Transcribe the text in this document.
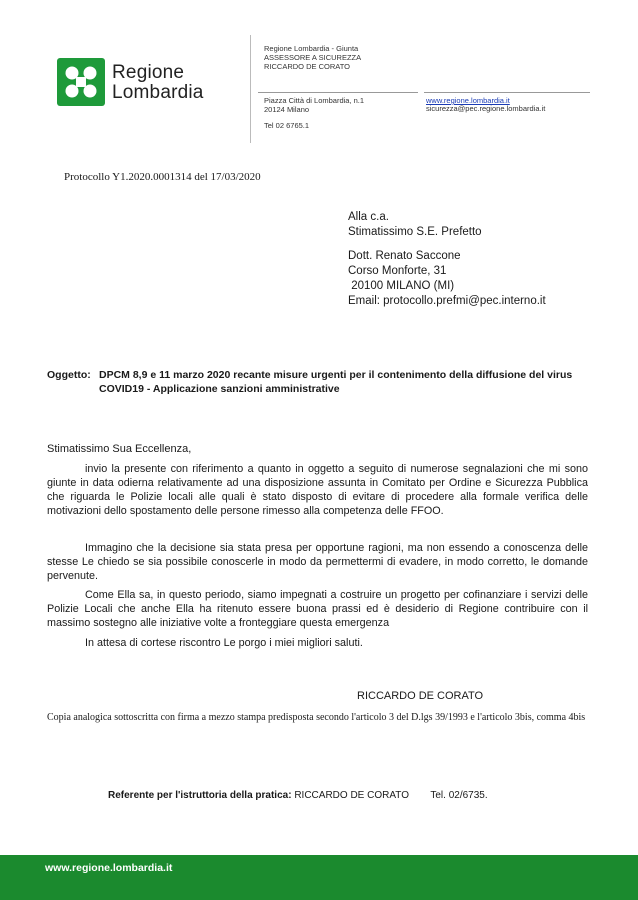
Regione
Lombardia
Regione Lombardia - Giunta
ASSESSORE A SICUREZZA
RICCARDO DE CORATO
Piazza Città di Lombardia, n.1
20124 Milano
Tel 02 6765.1
www.regione.lombardia.it
sicurezza@pec.regione.lombardia.it
Protocollo Y1.2020.0001314 del 17/03/2020
Alla c.a.
Stimatissimo S.E. Prefetto
Dott. Renato Saccone
Corso Monforte, 31
20100 MILANO (MI)
Email: protocollo.prefmi@pec.interno.it
Oggetto: DPCM 8,9 e 11 marzo 2020 recante misure urgenti per il contenimento della diffusione del virus COVID19 - Applicazione sanzioni amministrative
Stimatissimo Sua Eccellenza,
invio la presente con riferimento a quanto in oggetto a seguito di numerose segnalazioni che mi sono giunte in data odierna relativamente ad una disposizione assunta in Comitato per Ordine e Sicurezza Pubblica che riguarda le Polizie locali alle quali è stato disposto di evitare di procedere alla formale verifica delle motivazioni dello spostamento delle persone rimesso alla competenza delle FFOO.
Immagino che la decisione sia stata presa per opportune ragioni, ma non essendo a conoscenza delle stesse Le chiedo se sia possibile conoscerle in modo da permettermi di evadere, in modo corretto, le domande pervenute.
Come Ella sa, in questo periodo, siamo impegnati a costruire un progetto per cofinanziare i servizi delle Polizie Locali che anche Ella ha ritenuto essere buona prassi ed è desiderio di Regione contribuire con il massimo sostegno alle iniziative volte a fronteggiare questa emergenza
In attesa di cortese riscontro Le porgo i miei migliori saluti.
RICCARDO DE CORATO
Copia analogica sottoscritta con firma a mezzo stampa predisposta secondo l'articolo 3 del D.lgs 39/1993 e l'articolo 3bis, comma 4bis
Referente per l'istruttoria della pratica: RICCARDO DE CORATO Tel. 02/6735.
www.regione.lombardia.it
